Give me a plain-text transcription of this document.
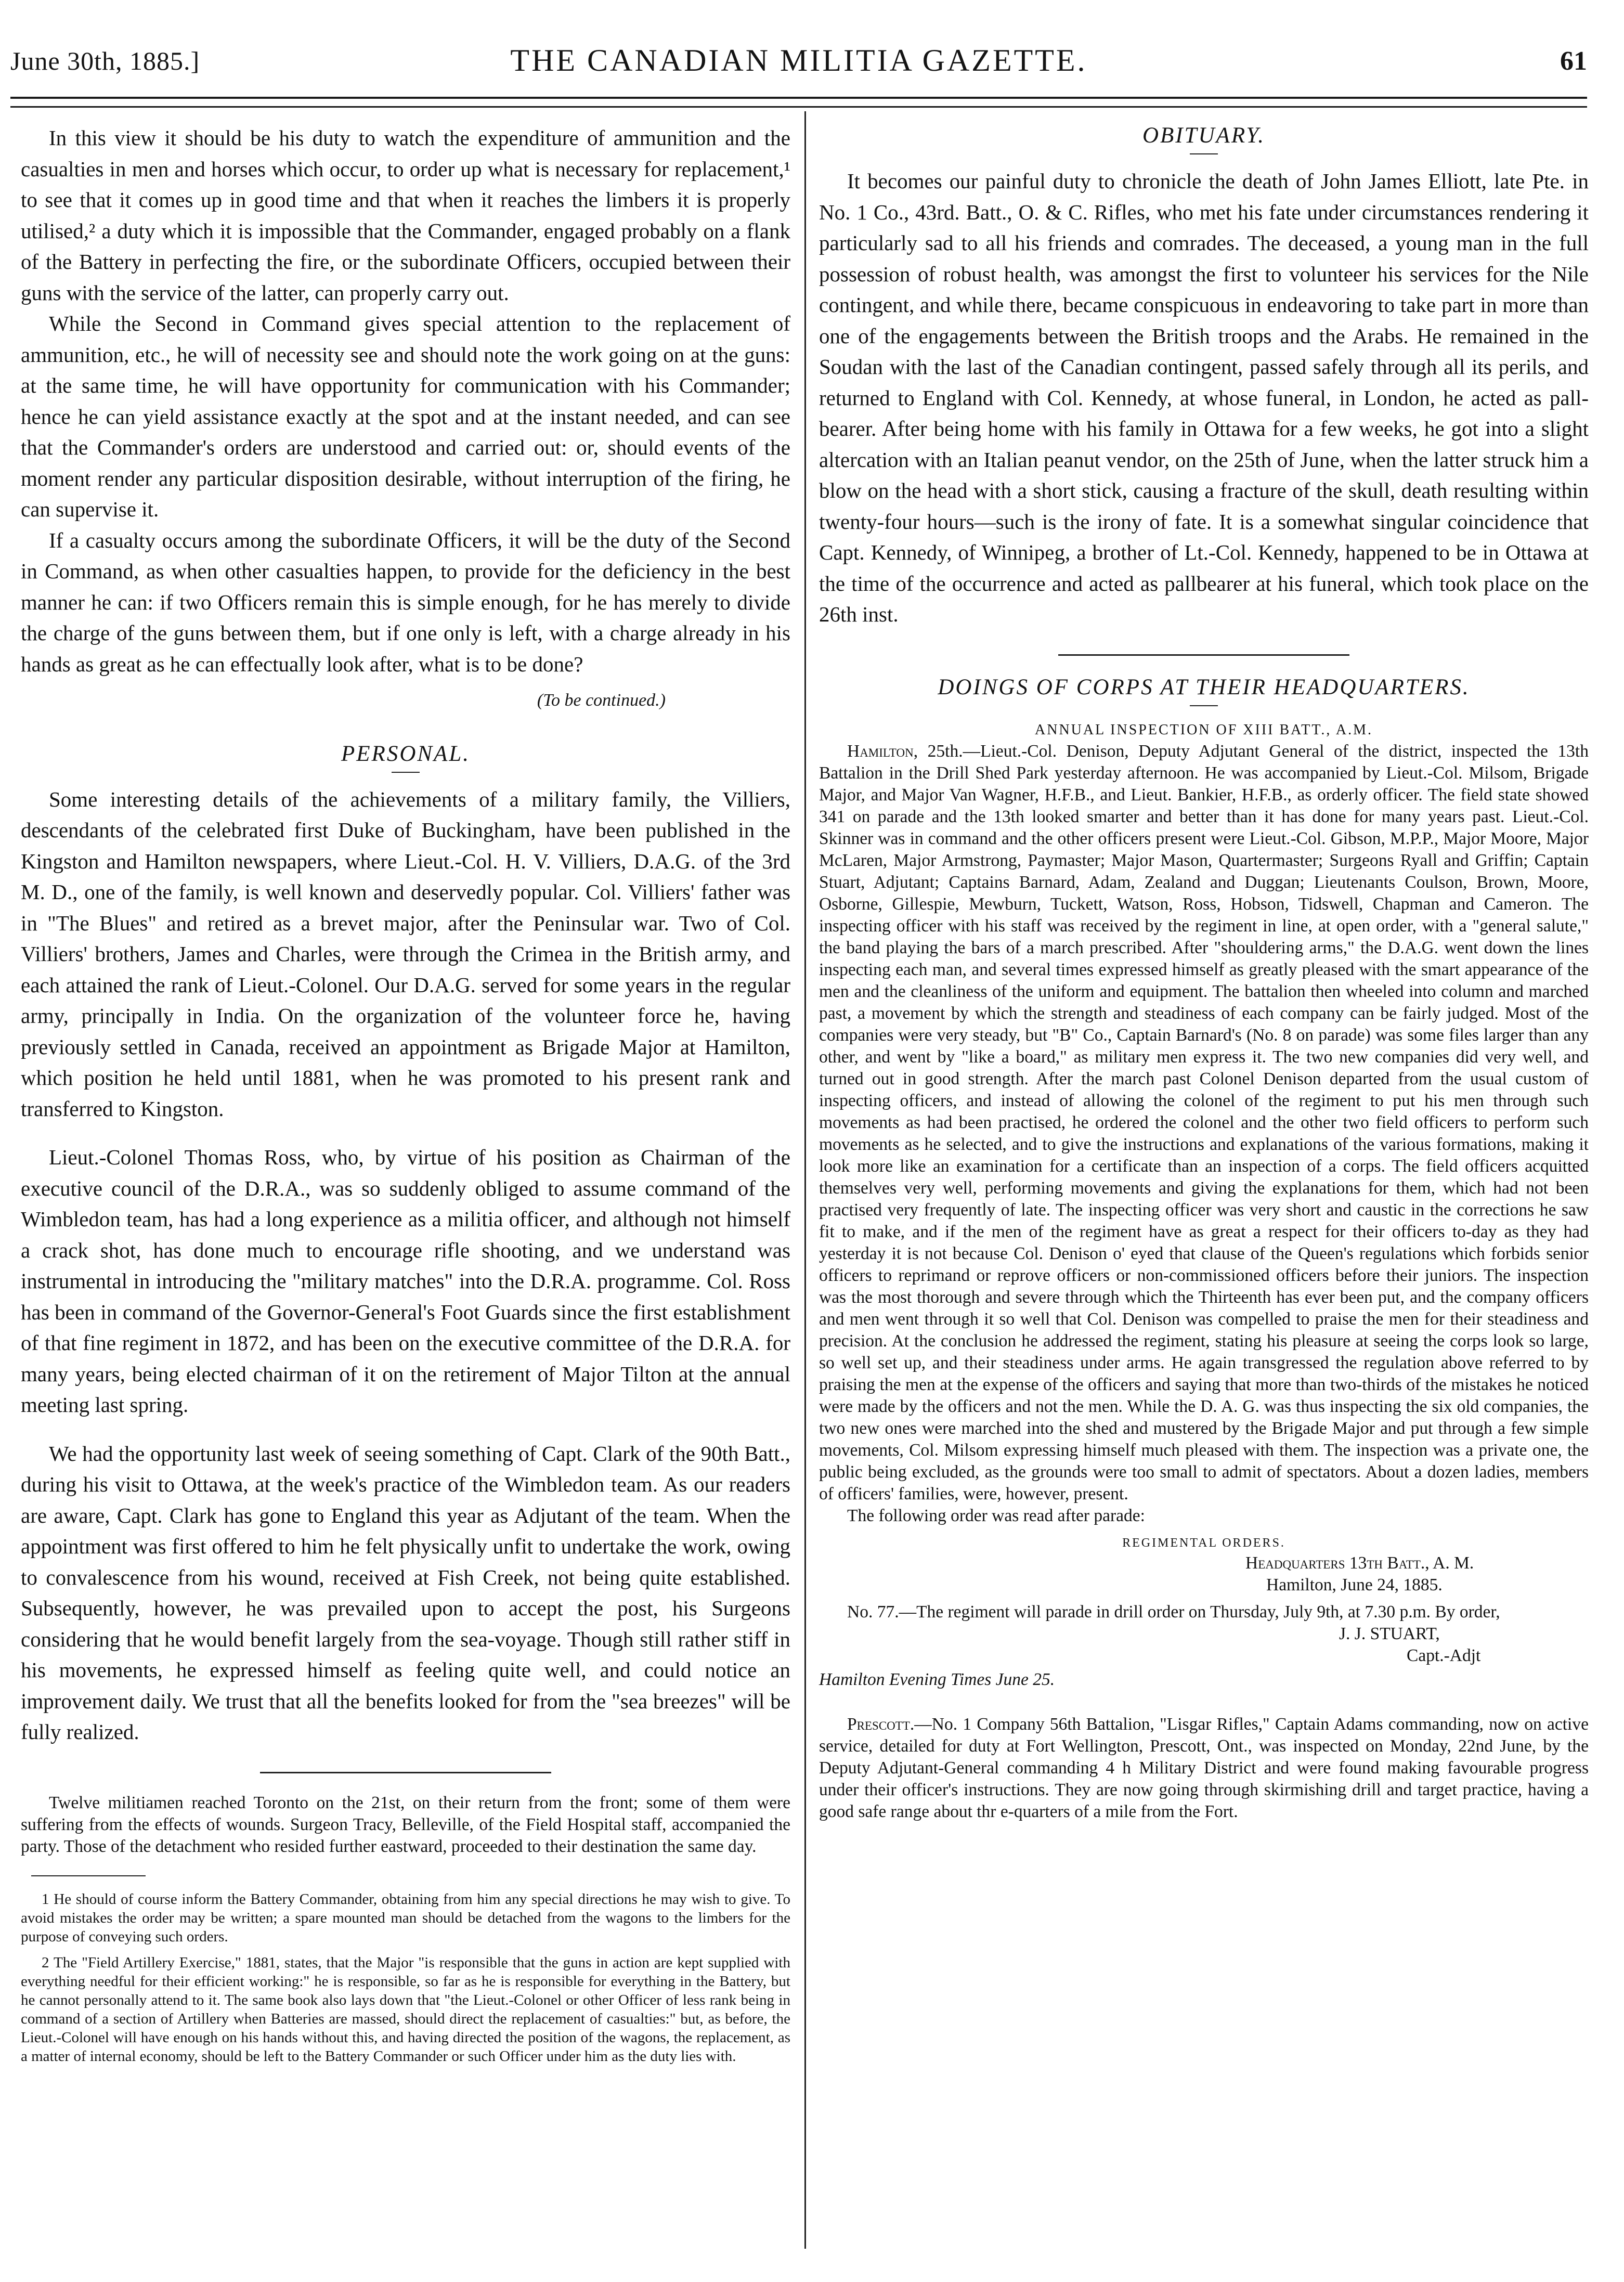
June 30th, 1885.]	THE CANADIAN MILITIA GAZETTE.	61

In this view it should be his duty to watch the expenditure of ammunition and the casualties in men and horses which occur, to order up what is necessary for replacement,¹ to see that it comes up in good time and that when it reaches the limbers it is properly utilised,² a duty which it is impossible that the Commander, engaged probably on a flank of the Battery in perfecting the fire, or the subordinate Officers, occupied between their guns with the service of the latter, can properly carry out.

While the Second in Command gives special attention to the replacement of ammunition, etc., he will of necessity see and should note the work going on at the guns: at the same time, he will have opportunity for communication with his Commander; hence he can yield assistance exactly at the spot and at the instant needed, and can see that the Commander's orders are understood and carried out: or, should events of the moment render any particular disposition desirable, without interruption of the firing, he can supervise it.

If a casualty occurs among the subordinate Officers, it will be the duty of the Second in Command, as when other casualties happen, to provide for the deficiency in the best manner he can: if two Officers remain this is simple enough, for he has merely to divide the charge of the guns between them, but if one only is left, with a charge already in his hands as great as he can effectually look after, what is to be done?

(To be continued.)
PERSONAL.

Some interesting details of the achievements of a military family, the Villiers, descendants of the celebrated first Duke of Buckingham, have been published in the Kingston and Hamilton newspapers, where Lieut.-Col. H. V. Villiers, D.A.G. of the 3rd M. D., one of the family, is well known and deservedly popular. Col. Villiers' father was in "The Blues" and retired as a brevet major, after the Peninsular war. Two of Col. Villiers' brothers, James and Charles, were through the Crimea in the British army, and each attained the rank of Lieut.-Colonel. Our D.A.G. served for some years in the regular army, principally in India. On the organization of the volunteer force he, having previously settled in Canada, received an appointment as Brigade Major at Hamilton, which position he held until 1881, when he was promoted to his present rank and transferred to Kingston.

Lieut.-Colonel Thomas Ross, who, by virtue of his position as Chairman of the executive council of the D.R.A., was so suddenly obliged to assume command of the Wimbledon team, has had a long experience as a militia officer, and although not himself a crack shot, has done much to encourage rifle shooting, and we understand was instrumental in introducing the "military matches" into the D.R.A. programme. Col. Ross has been in command of the Governor-General's Foot Guards since the first establishment of that fine regiment in 1872, and has been on the executive committee of the D.R.A. for many years, being elected chairman of it on the retirement of Major Tilton at the annual meeting last spring.

We had the opportunity last week of seeing something of Capt. Clark of the 90th Batt., during his visit to Ottawa, at the week's practice of the Wimbledon team. As our readers are aware, Capt. Clark has gone to England this year as Adjutant of the team. When the appointment was first offered to him he felt physically unfit to undertake the work, owing to convalescence from his wound, received at Fish Creek, not being quite established. Subsequently, however, he was prevailed upon to accept the post, his Surgeons considering that he would benefit largely from the sea-voyage. Though still rather stiff in his movements, he expressed himself as feeling quite well, and could notice an improvement daily. We trust that all the benefits looked for from the "sea breezes" will be fully realized.

Twelve militiamen reached Toronto on the 21st, on their return from the front; some of them were suffering from the effects of wounds. Surgeon Tracy, Belleville, of the Field Hospital staff, accompanied the party. Those of the detachment who resided further eastward, proceeded to their destination the same day.

1 He should of course inform the Battery Commander, obtaining from him any special directions he may wish to give. To avoid mistakes the order may be written; a spare mounted man should be detached from the wagons to the limbers for the purpose of conveying such orders.

2 The "Field Artillery Exercise," 1881, states, that the Major "is responsible that the guns in action are kept supplied with everything needful for their efficient working:" he is responsible, so far as he is responsible for everything in the Battery, but he cannot personally attend to it. The same book also lays down that "the Lieut.-Colonel or other Officer of less rank being in command of a section of Artillery when Batteries are massed, should direct the replacement of casualties:" but, as before, the Lieut.-Colonel will have enough on his hands without this, and having directed the position of the wagons, the replacement, as a matter of internal economy, should be left to the Battery Commander or such Officer under him as the duty lies with.

OBITUARY.

It becomes our painful duty to chronicle the death of John James Elliott, late Pte. in No. 1 Co., 43rd. Batt., O. & C. Rifles, who met his fate under circumstances rendering it particularly sad to all his friends and comrades. The deceased, a young man in the full possession of robust health, was amongst the first to volunteer his services for the Nile contingent, and while there, became conspicuous in endeavoring to take part in more than one of the engagements between the British troops and the Arabs. He remained in the Soudan with the last of the Canadian contingent, passed safely through all its perils, and returned to England with Col. Kennedy, at whose funeral, in London, he acted as pall-bearer. After being home with his family in Ottawa for a few weeks, he got into a slight altercation with an Italian peanut vendor, on the 25th of June, when the latter struck him a blow on the head with a short stick, causing a fracture of the skull, death resulting within twenty-four hours—such is the irony of fate. It is a somewhat singular coincidence that Capt. Kennedy, of Winnipeg, a brother of Lt.-Col. Kennedy, happened to be in Ottawa at the time of the occurrence and acted as pallbearer at his funeral, which took place on the 26th inst.

DOINGS OF CORPS AT THEIR HEADQUARTERS.
ANNUAL INSPECTION OF XIII BATT., A.M.

Hamilton, 25th.—Lieut.-Col. Denison, Deputy Adjutant General of the district, inspected the 13th Battalion in the Drill Shed Park yesterday afternoon. He was accompanied by Lieut.-Col. Milsom, Brigade Major, and Major Van Wagner, H.F.B., and Lieut. Bankier, H.F.B., as orderly officer. The field state showed 341 on parade and the 13th looked smarter and better than it has done for many years past. Lieut.-Col. Skinner was in command and the other officers present were Lieut.-Col. Gibson, M.P.P., Major Moore, Major McLaren, Major Armstrong, Paymaster; Major Mason, Quartermaster; Surgeons Ryall and Griffin; Captain Stuart, Adjutant; Captains Barnard, Adam, Zealand and Duggan; Lieutenants Coulson, Brown, Moore, Osborne, Gillespie, Mewburn, Tuckett, Watson, Ross, Hobson, Tidswell, Chapman and Cameron. The inspecting officer with his staff was received by the regiment in line, at open order, with a "general salute," the band playing the bars of a march prescribed. After "shouldering arms," the D.A.G. went down the lines inspecting each man, and several times expressed himself as greatly pleased with the smart appearance of the men and the cleanliness of the uniform and equipment. The battalion then wheeled into column and marched past, a movement by which the strength and steadiness of each company can be fairly judged. Most of the companies were very steady, but "B" Co., Captain Barnard's (No. 8 on parade) was some files larger than any other, and went by "like a board," as military men express it. The two new companies did very well, and turned out in good strength. After the march past Colonel Denison departed from the usual custom of inspecting officers, and instead of allowing the colonel of the regiment to put his men through such movements as had been practised, he ordered the colonel and the other two field officers to perform such movements as he selected, and to give the instructions and explanations of the various formations, making it look more like an examination for a certificate than an inspection of a corps. The field officers acquitted themselves very well, performing movements and giving the explanations for them, which had not been practised very frequently of late. The inspecting officer was very short and caustic in the corrections he saw fit to make, and if the men of the regiment have as great a respect for their officers to-day as they had yesterday it is not because Col. Denison o' eyed that clause of the Queen's regulations which forbids senior officers to reprimand or reprove officers or non-commissioned officers before their juniors. The inspection was the most thorough and severe through which the Thirteenth has ever been put, and the company officers and men went through it so well that Col. Denison was compelled to praise the men for their steadiness and precision. At the conclusion he addressed the regiment, stating his pleasure at seeing the corps look so large, so well set up, and their steadiness under arms. He again transgressed the regulation above referred to by praising the men at the expense of the officers and saying that more than two-thirds of the mistakes he noticed were made by the officers and not the men. While the D. A. G. was thus inspecting the six old companies, the two new ones were marched into the shed and mustered by the Brigade Major and put through a few simple movements, Col. Milsom expressing himself much pleased with them. The inspection was a private one, the public being excluded, as the grounds were too small to admit of spectators. About a dozen ladies, members of officers' families, were, however, present.

The following order was read after parade:

REGIMENTAL ORDERS.
Headquarters 13th Batt., A. M.
Hamilton, June 24, 1885.

No. 77.—The regiment will parade in drill order on Thursday, July 9th, at 7.30 p.m. By order,

J. J. STUART,
Capt.-Adjt
Hamilton Evening Times June 25.

Prescott.—No. 1 Company 56th Battalion, "Lisgar Rifles," Captain Adams commanding, now on active service, detailed for duty at Fort Wellington, Prescott, Ont., was inspected on Monday, 22nd June, by the Deputy Adjutant-General commanding 4 h Military District and were found making favourable progress under their officer's instructions. They are now going through skirmishing drill and target practice, having a good safe range about thr e-quarters of a mile from the Fort.
